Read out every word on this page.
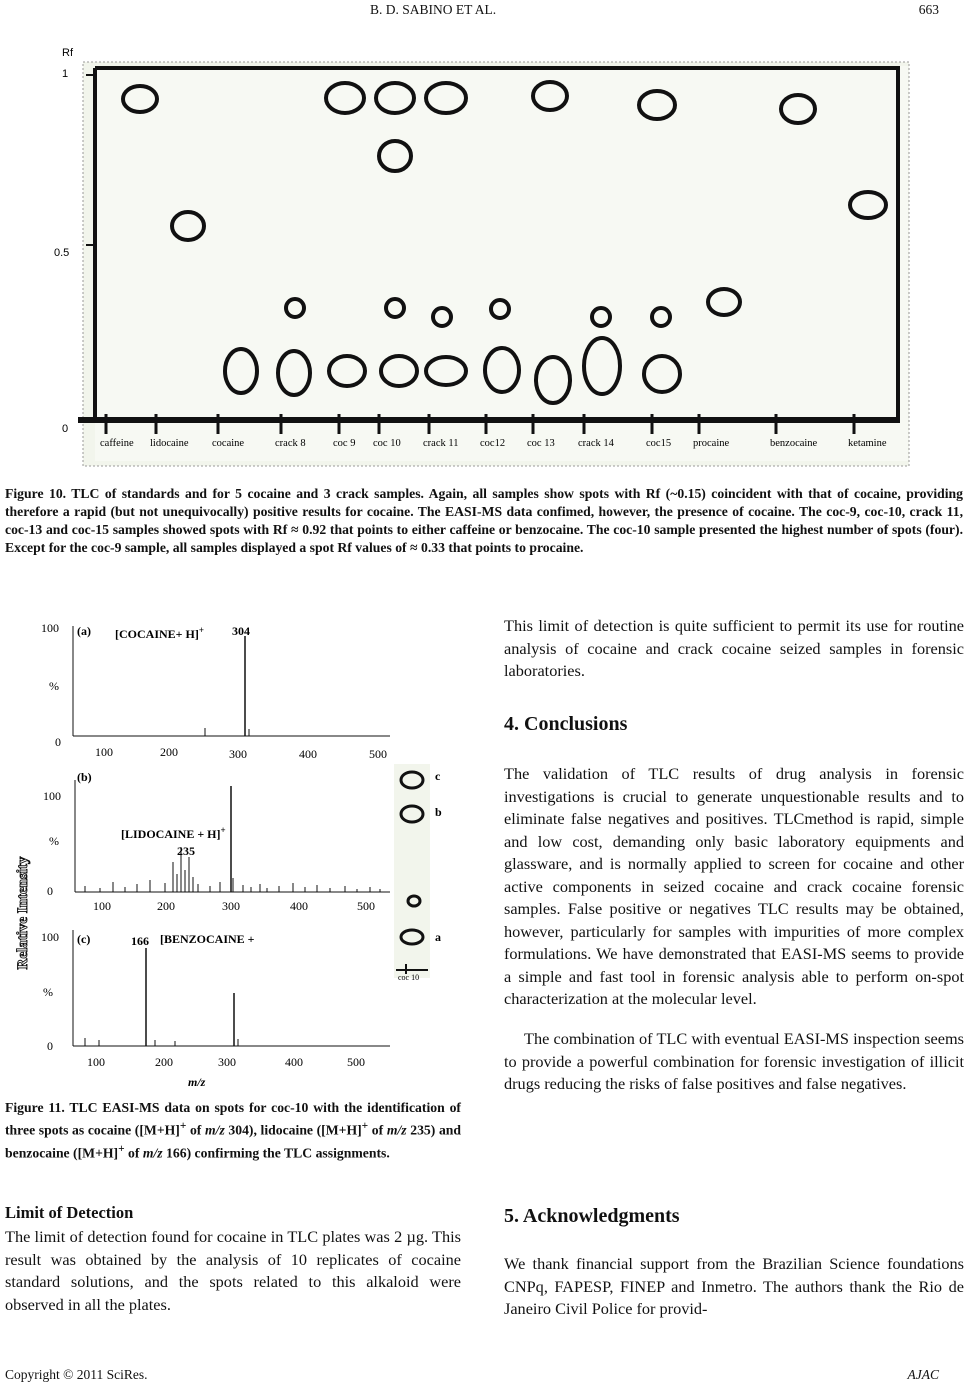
B. D. SABINO ET AL.	663
Rf
1
0.5
0
caffeine lidocaine cocaine	crack 8	coc 9 coc 10 crack 11 coc12 coc 13 crack 14	coc15 procaine	benzocaine	ketamine
Figure 10. TLC of standards and for 5 cocaine and 3 crack samples. Again, all samples show spots with Rf (~0.15) coincident with that of cocaine, providing therefore a rapid (but not unequivocally) positive results for cocaine. The EASI-MS data confimed, however, the presence of cocaine. The coc-9, coc-10, crack 11, coc-13 and coc-15 samples showed spots with Rf ≈ 0.92 that points to either caffeine or benzocaine. The coc-10 sample presented the highest number of spots (four). Except for the coc-9 sample, all samples displayed a spot Rf values of ≈ 0.33 that points to procaine.
Relative Intensity
100
%
0
(a) [COCAINE+ H]+ 304
100	200	300	400	500
100
%
0
(b)
[LIDOCAINE + H]+
235
100	200	300	400	500
100
%
0
(c)	166 [BENZOCAINE +
100	200	300	400	500
m/z
coc 10
c
b
a
Figure 11. TLC EASI-MS data on spots for coc-10 with the identification of three spots as cocaine ([M+H]+ of m/z 304), lidocaine ([M+H]+ of m/z 235) and benzocaine ([M+H]+ of m/z 166) confirming the TLC assignments.
Limit of Detection
The limit of detection found for cocaine in TLC plates was 2 µg. This result was obtained by the analysis of 10 replicates of cocaine standard solutions, and the spots related to this alkaloid were observed in all the plates.
This limit of detection is quite sufficient to permit its use for routine analysis of cocaine and crack cocaine seized samples in forensic laboratories.
4. Conclusions
The validation of TLC results of drug analysis in forensic investigations is crucial to generate unquestionable results and to eliminate false negatives and positives. TLCmethod is rapid, simple and low cost, demanding only basic laboratory equipments and glassware, and is normally applied to screen for cocaine and other active components in seized cocaine and crack cocaine forensic samples. False positive or negatives TLC results may be obtained, however, particularly for samples with impurities of more complex formulations. We have demonstrated that EASI-MS seems to provide a simple and fast tool in forensic analysis able to perform on-spot characterization at the molecular level.
The combination of TLC with eventual EASI-MS inspection seems to provide a powerful combination for forensic investigation of illicit drugs reducing the risks of false positives and false negatives.
5. Acknowledgments
We thank financial support from the Brazilian Science foundations CNPq, FAPESP, FINEP and Inmetro. The authors thank the Rio de Janeiro Civil Police for provid-
Copyright © 2011 SciRes.	AJAC
